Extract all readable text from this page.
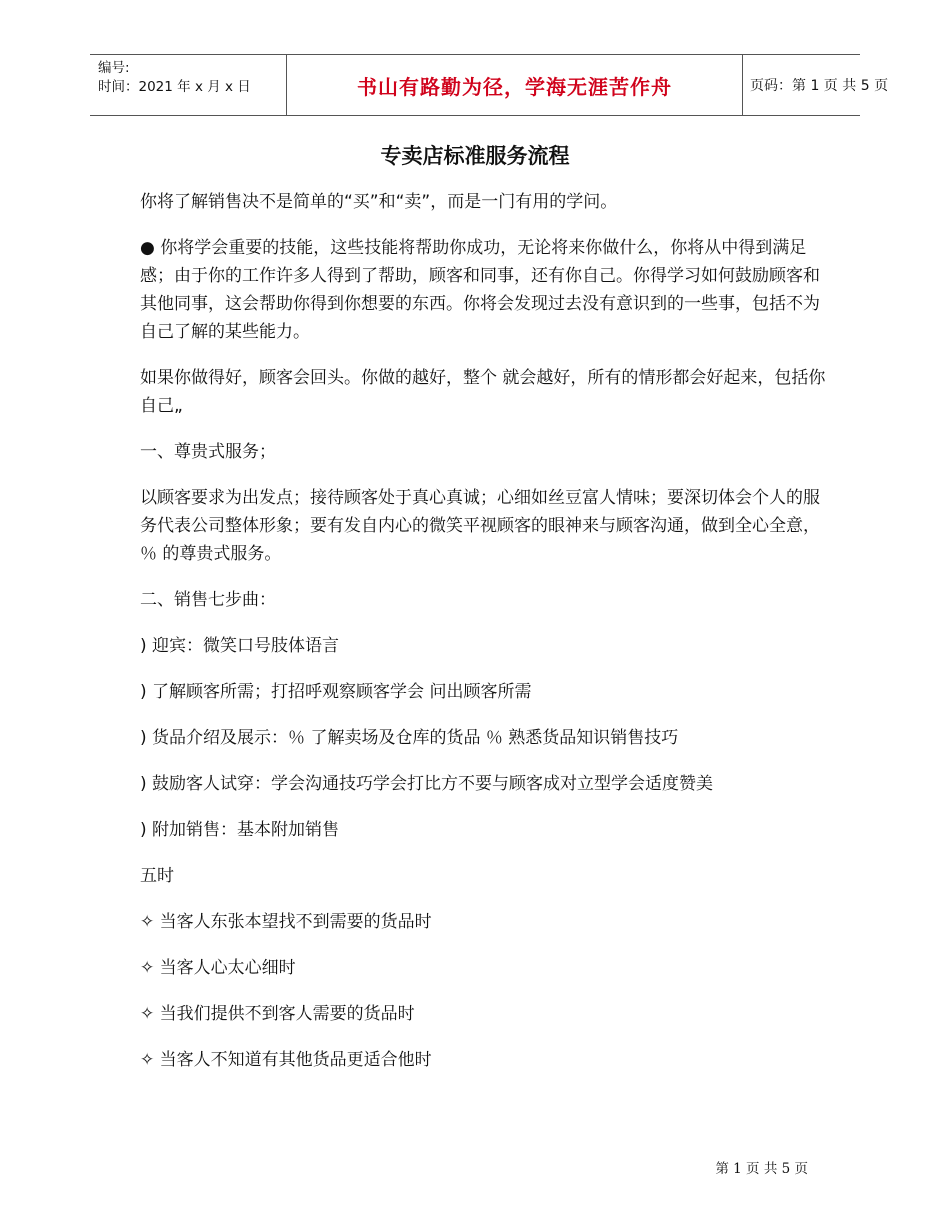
编号:
时间：2021 年 x 月 x 日	书山有路勤为径，学海无涯苦作舟	页码：第 1 页 共 5 页
专卖店标准服务流程

你将了解销售决不是简单的“买”和“卖”，而是一门有用的学问。

● 你将学会重要的技能，这些技能将帮助你成功，无论将来你做什么，你将从中得到满足感；由于你的工作许多人得到了帮助，顾客和同事，还有你自己。你得学习如何鼓励顾客和其他同事，这会帮助你得到你想要的东西。你将会发现过去没有意识到的一些事，包括不为自己了解的某些能力。

如果你做得好，顾客会回头。你做的越好，整个 就会越好，所有的情形都会好起来，包括你自己„

一、尊贵式服务；

以顾客要求为出发点；接待顾客处于真心真诚；心细如丝豆富人情味；要深切体会个人的服务代表公司整体形象；要有发自内心的微笑平视顾客的眼神来与顾客沟通，做到全心全意， ％ 的尊贵式服务。

二、销售七步曲：

) 迎宾：微笑口号肢体语言

) 了解顾客所需；打招呼观察顾客学会 问出顾客所需

) 货品介绍及展示：％ 了解卖场及仓库的货品 ％ 熟悉货品知识销售技巧

) 鼓励客人试穿：学会沟通技巧学会打比方不要与顾客成对立型学会适度赞美

) 附加销售：基本附加销售

五时

✧ 当客人东张本望找不到需要的货品时

✧ 当客人心太心细时

✧ 当我们提供不到客人需要的货品时

✧ 当客人不知道有其他货品更适合他时

第 1 页 共 5 页
